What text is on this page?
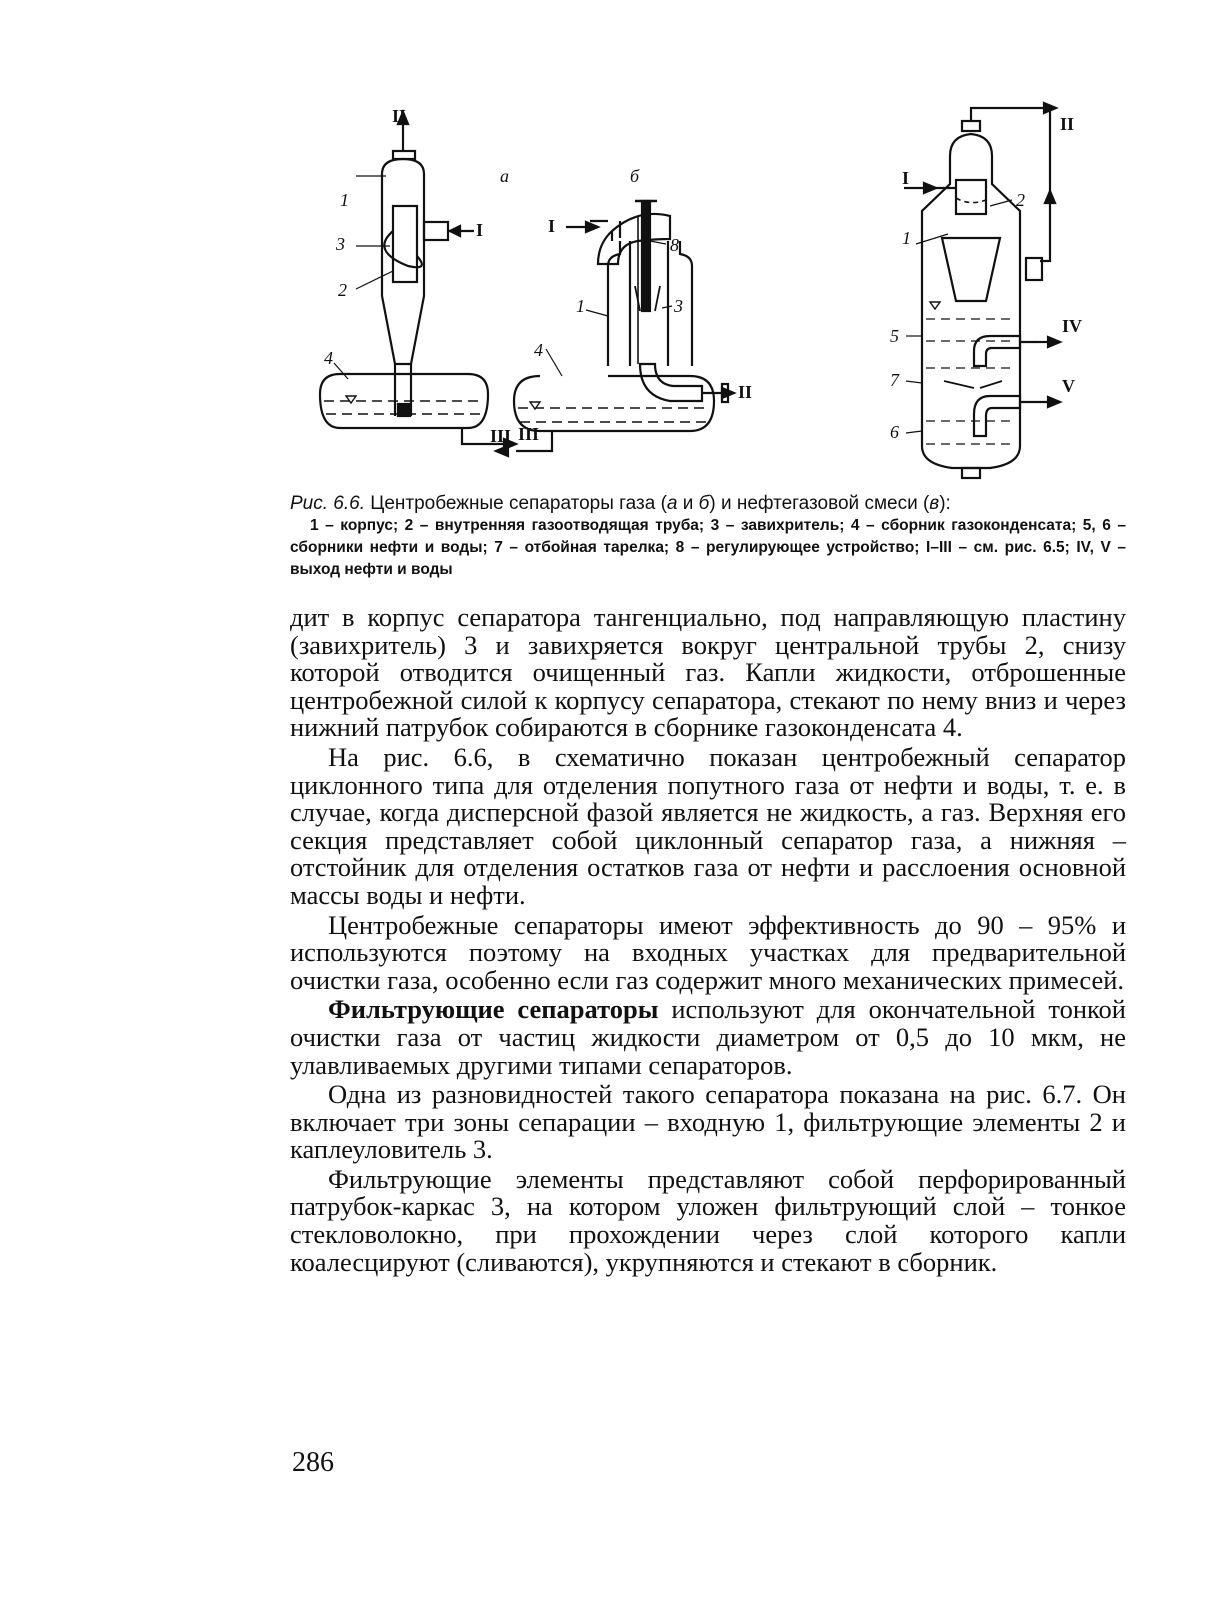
II
1
3
2
4
I
III
а
I
8
3
1
4
II
III
б
II
I
2
1
5
7
6
IV
V
Рис. 6.6. Центробежные сепараторы газа (а и б) и нефтегазовой смеси (в):

1 – корпус; 2 – внутренняя газоотводящая труба; 3 – завихритель; 4 – сборник газоконденсата; 5, 6 – сборники нефти и воды; 7 – отбойная тарелка; 8 – регулирующее устройство; I–III – см. рис. 6.5; IV, V – выход нефти и воды

дит в корпус сепаратора тангенциально, под направляющую пластину (завихритель) 3 и завихряется вокруг центральной трубы 2, снизу которой отводится очищенный газ. Капли жидкости, отброшенные центробежной силой к корпусу сепаратора, стекают по нему вниз и через нижний патрубок собираются в сборнике газоконденсата 4.

На рис. 6.6, в схематично показан центробежный сепаратор циклонного типа для отделения попутного газа от нефти и воды, т. е. в случае, когда дисперсной фазой является не жидкость, а газ. Верхняя его секция представляет собой циклонный сепаратор газа, а нижняя – отстойник для отделения остатков газа от нефти и расслоения основной массы воды и нефти.

Центробежные сепараторы имеют эффективность до 90 – 95% и используются поэтому на входных участках для предварительной очистки газа, особенно если газ содержит много механических примесей.

Фильтрующие сепараторы используют для окончательной тонкой очистки газа от частиц жидкости диаметром от 0,5 до 10 мкм, не улавливаемых другими типами сепараторов.

Одна из разновидностей такого сепаратора показана на рис. 6.7. Он включает три зоны сепарации – входную 1, фильтрующие элементы 2 и каплеуловитель 3.

Фильтрующие элементы представляют собой перфорированный патрубок-каркас 3, на котором уложен фильтрующий слой – тонкое стекловолокно, при прохождении через слой которого капли коалесцируют (сливаются), укрупняются и стекают в сборник.

286
